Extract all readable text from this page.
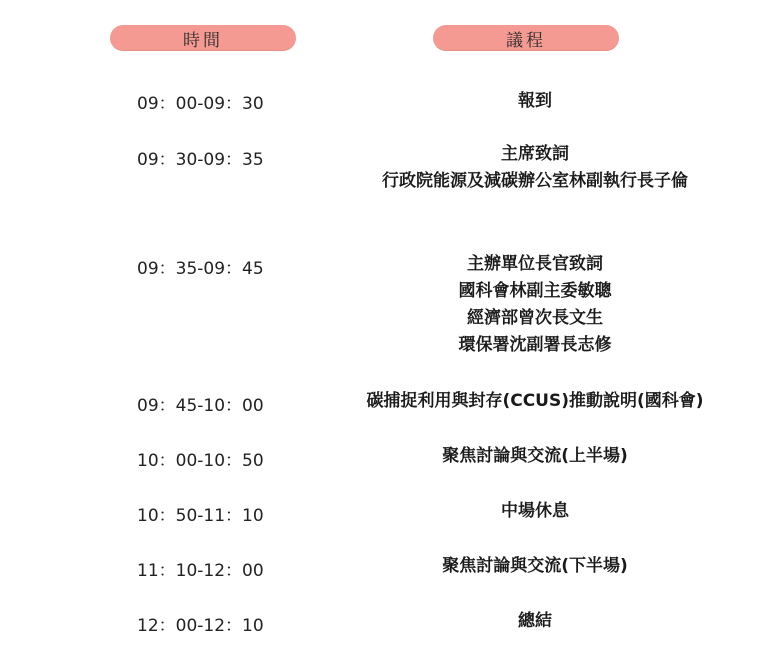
時間	議程
09：00-09：30	報到
09：30-09：35	主席致詞
行政院能源及減碳辦公室林副執行長子倫
09：35-09：45	主辦單位長官致詞
國科會林副主委敏聰
經濟部曾次長文生
環保署沈副署長志修
09：45-10：00	碳捕捉利用與封存(CCUS)推動說明(國科會)
10：00-10：50	聚焦討論與交流(上半場)
10：50-11：10	中場休息
11：10-12：00	聚焦討論與交流(下半場)
12：00-12：10	總結
